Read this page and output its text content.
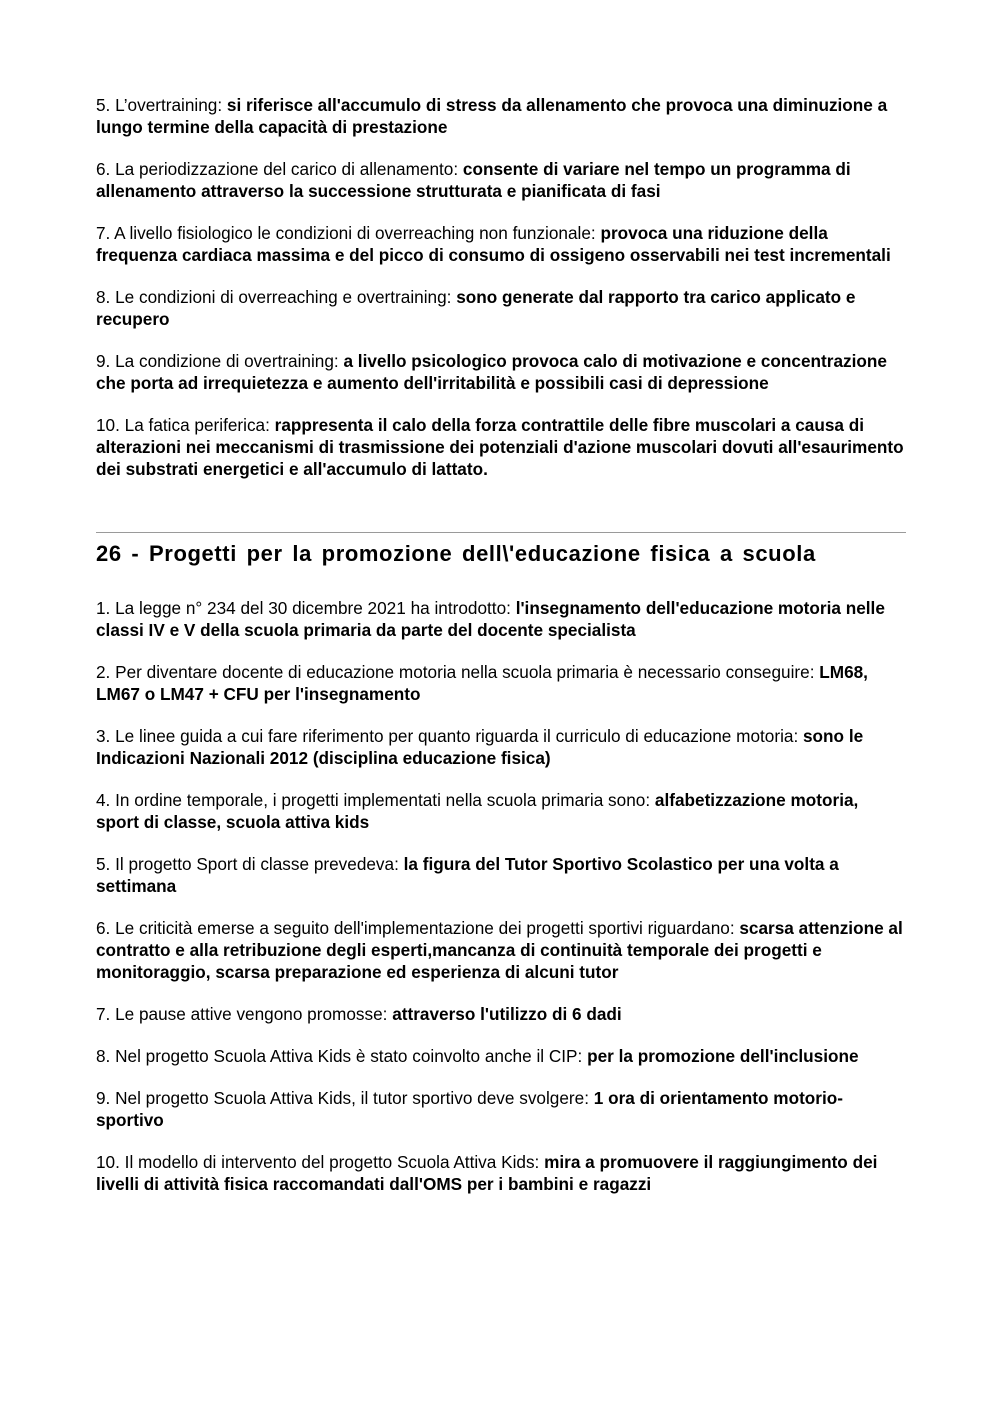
5. L’overtraining: si riferisce all'accumulo di stress da allenamento che provoca una diminuzione a lungo termine della capacità di prestazione

6. La periodizzazione del carico di allenamento: consente di variare nel tempo un programma di allenamento attraverso la successione strutturata e pianificata di fasi

7. A livello fisiologico le condizioni di overreaching non funzionale: provoca una riduzione della frequenza cardiaca massima e del picco di consumo di ossigeno osservabili nei test incrementali

8. Le condizioni di overreaching e overtraining: sono generate dal rapporto tra carico applicato e recupero

9. La condizione di overtraining: a livello psicologico provoca calo di motivazione e concentrazione che porta ad irrequietezza e aumento dell'irritabilità e possibili casi di depressione

10. La fatica periferica: rappresenta il calo della forza contrattile delle fibre muscolari a causa di alterazioni nei meccanismi di trasmissione dei potenziali d'azione muscolari dovuti all'esaurimento dei substrati energetici e all'accumulo di lattato.

26 - Progetti per la promozione dell\'educazione fisica a scuola

1. La legge n° 234 del 30 dicembre 2021 ha introdotto: l'insegnamento dell'educazione motoria nelle classi IV e V della scuola primaria da parte del docente specialista

2. Per diventare docente di educazione motoria nella scuola primaria è necessario conseguire: LM68, LM67 o LM47 + CFU per l'insegnamento

3. Le linee guida a cui fare riferimento per quanto riguarda il curriculo di educazione motoria: sono le Indicazioni Nazionali 2012 (disciplina educazione fisica)

4. In ordine temporale, i progetti implementati nella scuola primaria sono: alfabetizzazione motoria, sport di classe, scuola attiva kids

5. Il progetto Sport di classe prevedeva: la figura del Tutor Sportivo Scolastico per una volta a settimana

6. Le criticità emerse a seguito dell'implementazione dei progetti sportivi riguardano: scarsa attenzione al contratto e alla retribuzione degli esperti,mancanza di continuità temporale dei progetti e monitoraggio, scarsa preparazione ed esperienza di alcuni tutor

7. Le pause attive vengono promosse: attraverso l'utilizzo di 6 dadi

8. Nel progetto Scuola Attiva Kids è stato coinvolto anche il CIP: per la promozione dell'inclusione

9. Nel progetto Scuola Attiva Kids, il tutor sportivo deve svolgere: 1 ora di orientamento motorio-sportivo

10. Il modello di intervento del progetto Scuola Attiva Kids: mira a promuovere il raggiungimento dei livelli di attività fisica raccomandati dall'OMS per i bambini e ragazzi
